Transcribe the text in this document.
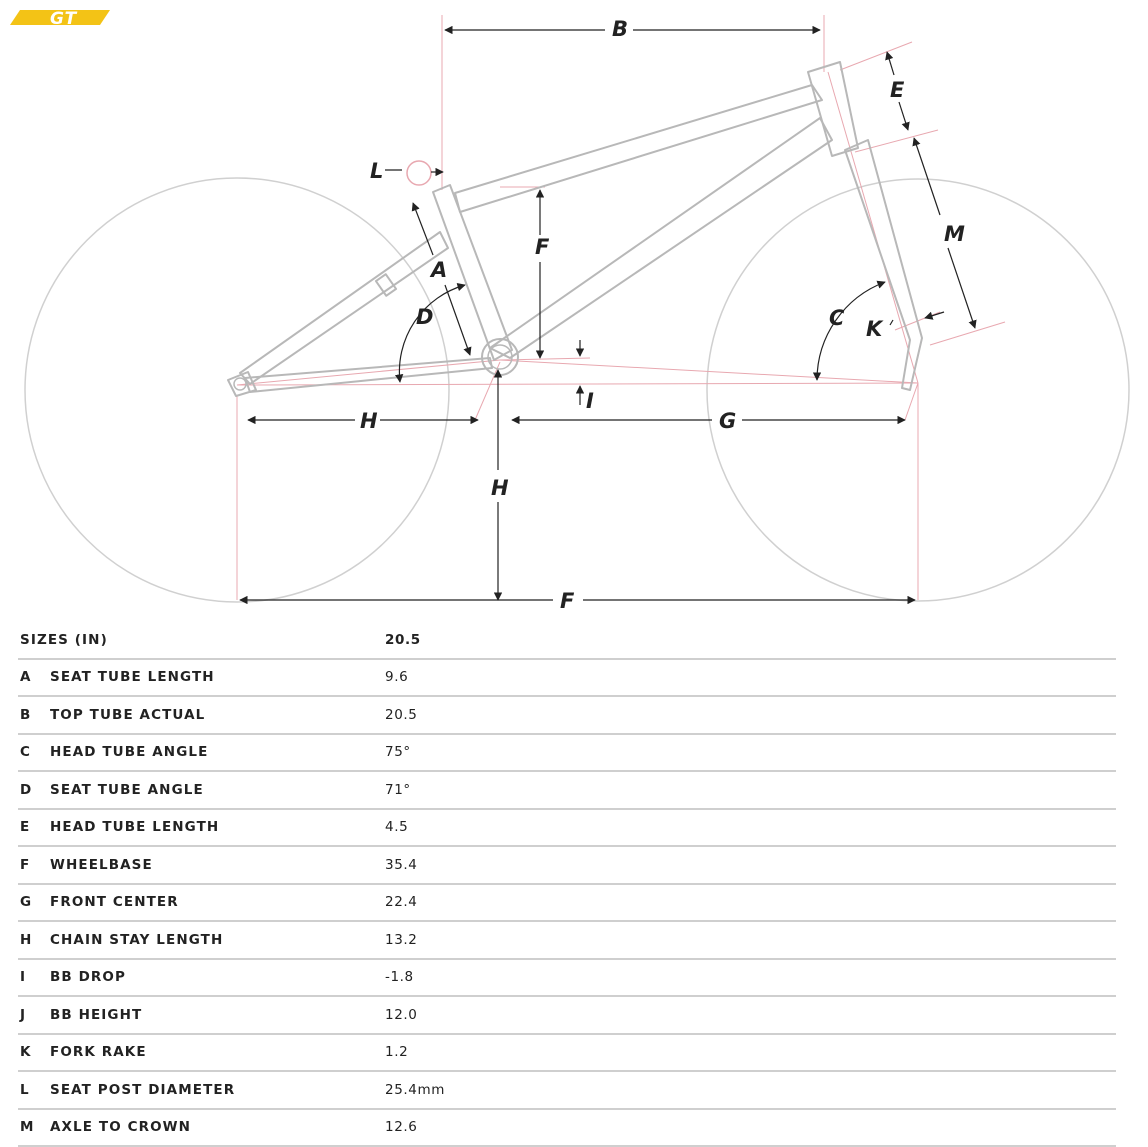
GT	B
E
M
L
A
F
D	C K
I
H	G
H
F
SIZES (IN)	20.5
A SEAT TUBE LENGTH	9.6
B TOP TUBE ACTUAL	20.5
C HEAD TUBE ANGLE	75°
D SEAT TUBE ANGLE	71°
E HEAD TUBE LENGTH	4.5
F WHEELBASE	35.4
G FRONT CENTER	22.4
H CHAIN STAY LENGTH	13.2
I BB DROP	-1.8
J BB HEIGHT	12.0
K FORK RAKE	1.2
L SEAT POST DIAMETER	25.4mm
M AXLE TO CROWN	12.6
